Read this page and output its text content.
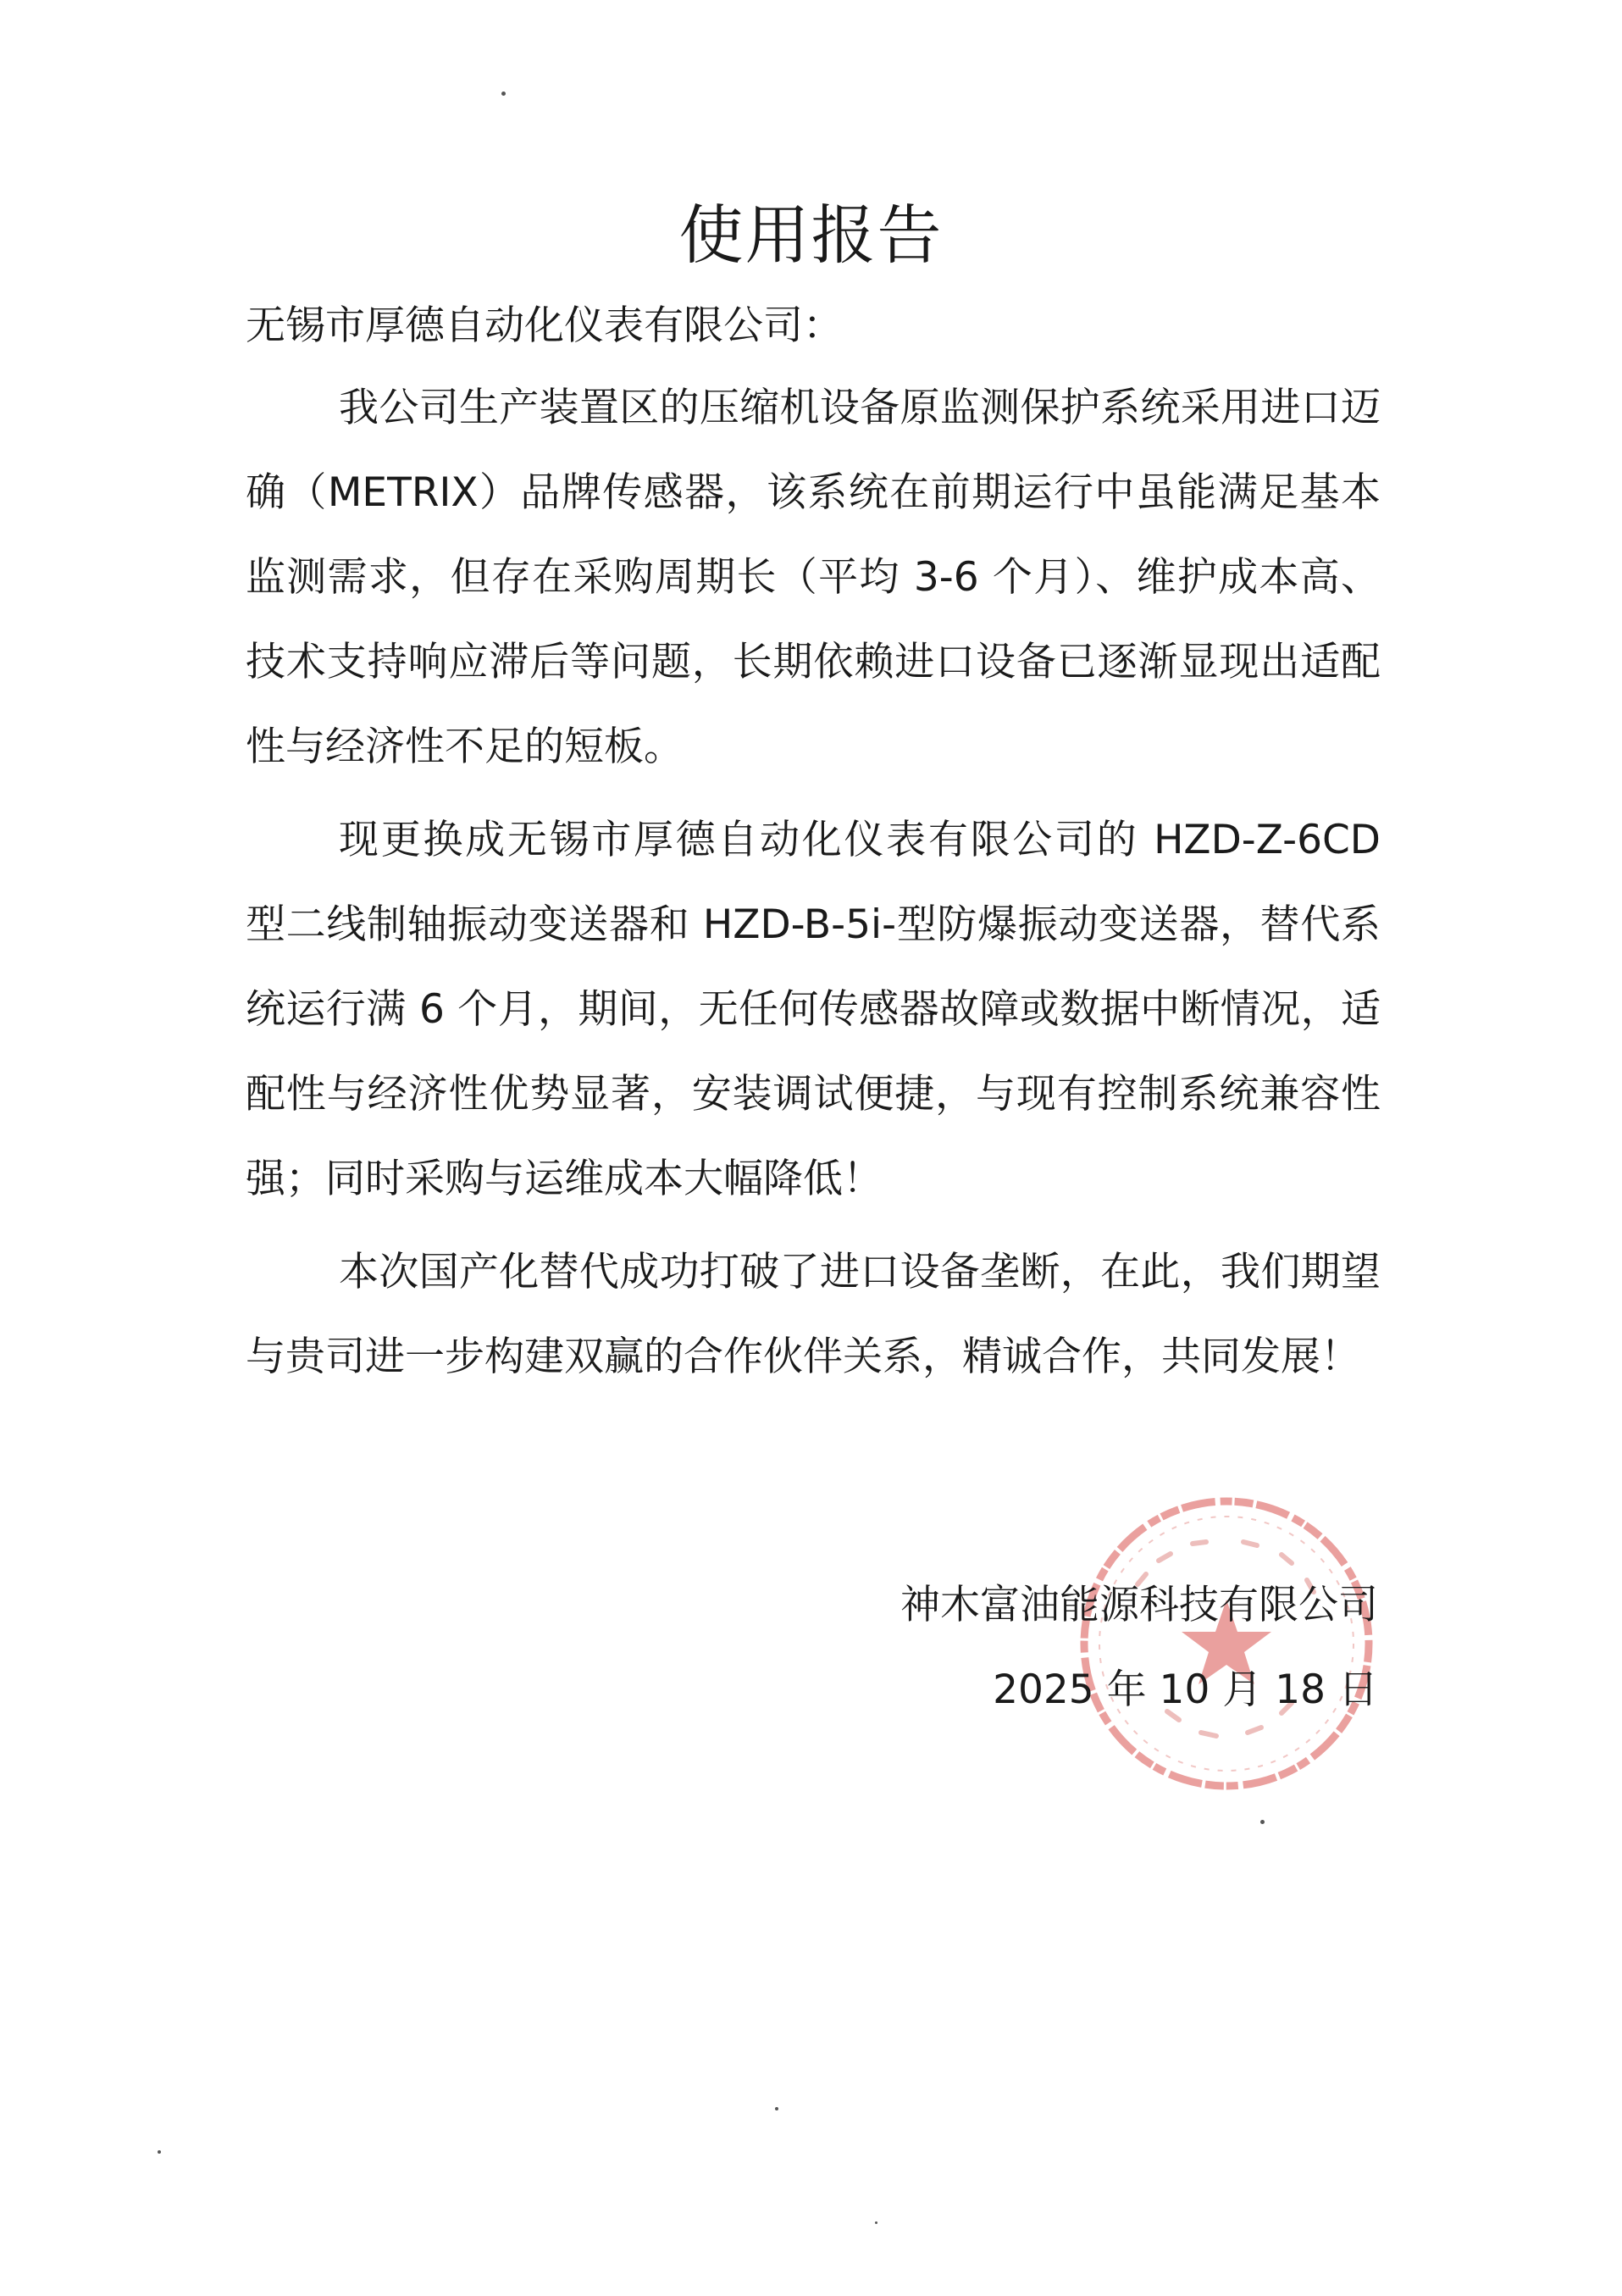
使用报告
无锡市厚德自动化仪表有限公司：
我公司生产装置区的压缩机设备原监测保护系统采用进口迈确（METRIX）品牌传感器，该系统在前期运行中虽能满足基本监测需求，但存在采购周期长（平均 3-6 个月）、维护成本高、技术支持响应滞后等问题，长期依赖进口设备已逐渐显现出适配性与经济性不足的短板。
现更换成无锡市厚德自动化仪表有限公司的 HZD-Z-6CD 型二线制轴振动变送器和 HZD-B-5i-型防爆振动变送器，替代系统运行满 6 个月，期间，无任何传感器故障或数据中断情况，适配性与经济性优势显著，安装调试便捷，与现有控制系统兼容性强；同时采购与运维成本大幅降低！
本次国产化替代成功打破了进口设备垄断，在此，我们期望与贵司进一步构建双赢的合作伙伴关系，精诚合作，共同发展！
神木富油能源科技有限公司
2025 年 10 月 18 日
